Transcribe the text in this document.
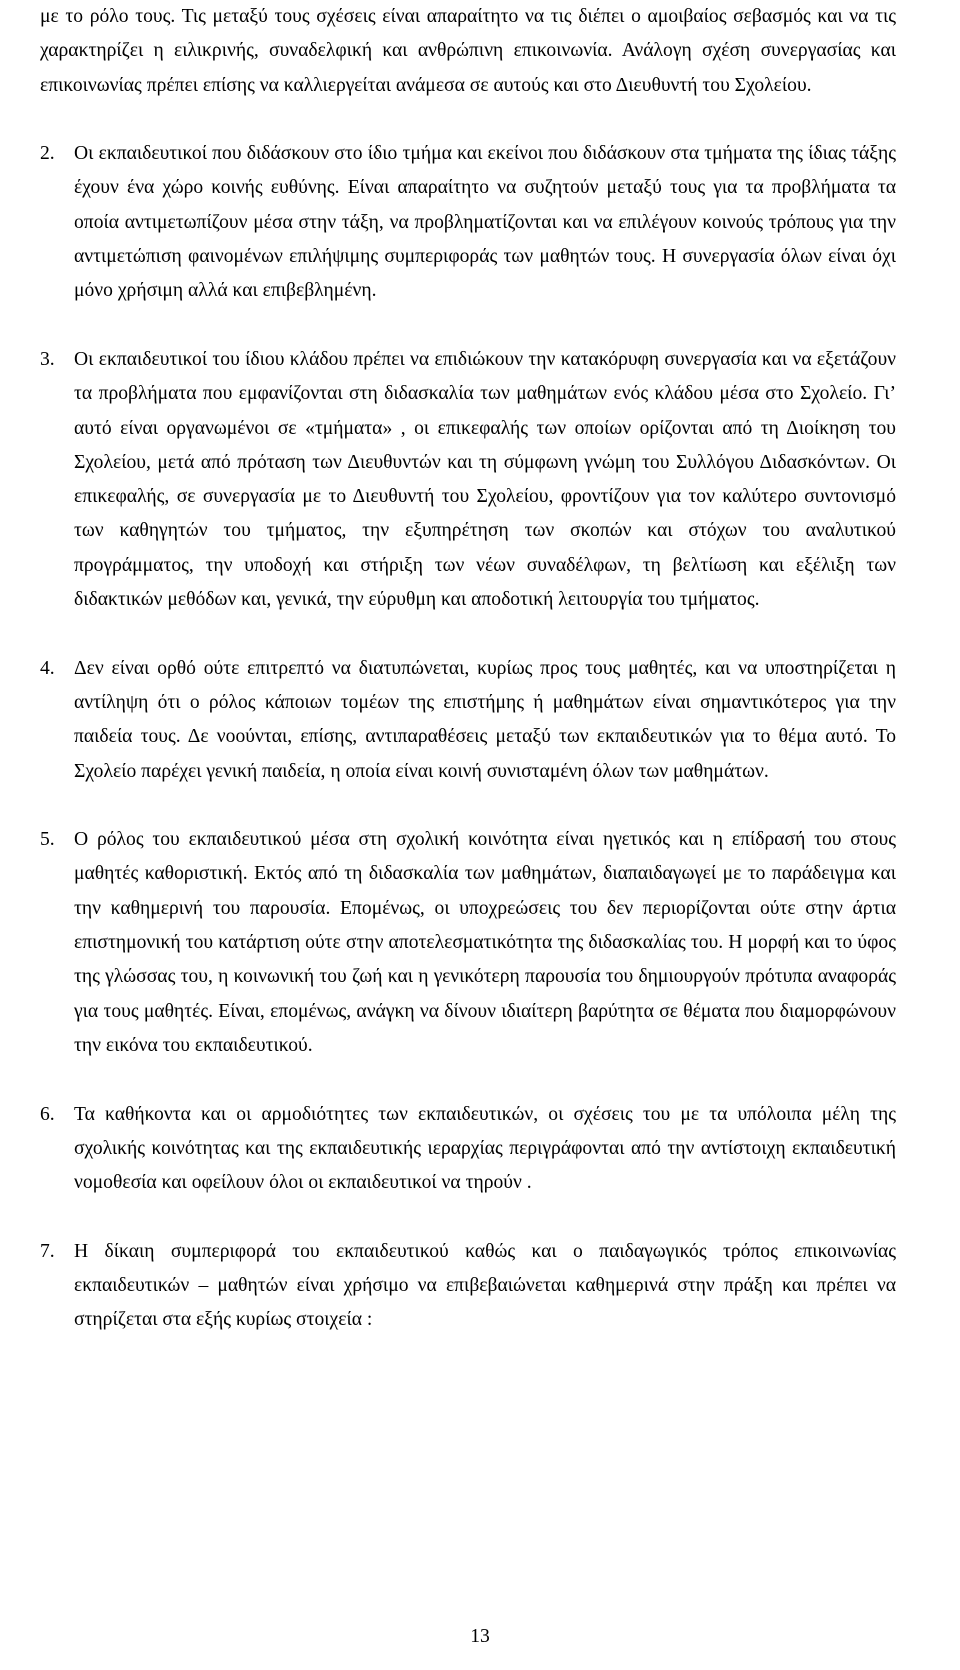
με το ρόλο τους. Τις μεταξύ τους σχέσεις είναι απαραίτητο να τις διέπει ο αμοιβαίος σεβασμός και να τις χαρακτηρίζει η ειλικρινής, συναδελφική και ανθρώπινη επικοινωνία. Ανάλογη σχέση συνεργασίας και επικοινωνίας πρέπει επίσης να καλλιεργείται ανάμεσα σε αυτούς και στο Διευθυντή του Σχολείου.

2. Οι εκπαιδευτικοί που διδάσκουν στο ίδιο τμήμα και εκείνοι που διδάσκουν στα τμήματα της ίδιας τάξης έχουν ένα χώρο κοινής ευθύνης. Είναι απαραίτητο να συζητούν μεταξύ τους για τα προβλήματα τα οποία αντιμετωπίζουν μέσα στην τάξη, να προβληματίζονται και να επιλέγουν κοινούς τρόπους για την αντιμετώπιση φαινομένων επιλήψιμης συμπεριφοράς των μαθητών τους. Η συνεργασία όλων είναι όχι μόνο χρήσιμη αλλά και επιβεβλημένη.
3. Οι εκπαιδευτικοί του ίδιου κλάδου πρέπει να επιδιώκουν την κατακόρυφη συνεργασία και να εξετάζουν τα προβλήματα που εμφανίζονται στη διδασκαλία των μαθημάτων ενός κλάδου μέσα στο Σχολείο. Γι’ αυτό είναι οργανωμένοι σε «τμήματα» , οι επικεφαλής των οποίων ορίζονται από τη Διοίκηση του Σχολείου, μετά από πρόταση των Διευθυντών και τη σύμφωνη γνώμη του Συλλόγου Διδασκόντων. Οι επικεφαλής, σε συνεργασία με το Διευθυντή του Σχολείου, φροντίζουν για τον καλύτερο συντονισμό των καθηγητών του τμήματος, την εξυπηρέτηση των σκοπών και στόχων του αναλυτικού προγράμματος, την υποδοχή και στήριξη των νέων συναδέλφων, τη βελτίωση και εξέλιξη των διδακτικών μεθόδων και, γενικά, την εύρυθμη και αποδοτική λειτουργία του τμήματος.
4. Δεν είναι ορθό ούτε επιτρεπτό να διατυπώνεται, κυρίως προς τους μαθητές, και να υποστηρίζεται η αντίληψη ότι ο ρόλος κάποιων τομέων της επιστήμης ή μαθημάτων είναι σημαντικότερος για την παιδεία τους. Δε νοούνται, επίσης, αντιπαραθέσεις μεταξύ των εκπαιδευτικών για το θέμα αυτό. Το Σχολείο παρέχει γενική παιδεία, η οποία είναι κοινή συνισταμένη όλων των μαθημάτων.
5. Ο ρόλος του εκπαιδευτικού μέσα στη σχολική κοινότητα είναι ηγετικός και η επίδρασή του στους μαθητές καθοριστική. Εκτός από τη διδασκαλία των μαθημάτων, διαπαιδαγωγεί με το παράδειγμα και την καθημερινή του παρουσία. Επομένως, οι υποχρεώσεις του δεν περιορίζονται ούτε στην άρτια επιστημονική του κατάρτιση ούτε στην αποτελεσματικότητα της διδασκαλίας του. Η μορφή και το ύφος της γλώσσας του, η κοινωνική του ζωή και η γενικότερη παρουσία του δημιουργούν πρότυπα αναφοράς για τους μαθητές. Είναι, επομένως, ανάγκη να δίνουν ιδιαίτερη βαρύτητα σε θέματα που διαμορφώνουν την εικόνα του εκπαιδευτικού.
6. Τα καθήκοντα και οι αρμοδιότητες των εκπαιδευτικών, οι σχέσεις του με τα υπόλοιπα μέλη της σχολικής κοινότητας και της εκπαιδευτικής ιεραρχίας περιγράφονται από την αντίστοιχη εκπαιδευτική νομοθεσία και οφείλουν όλοι οι εκπαιδευτικοί να τηρούν .
7. Η δίκαιη συμπεριφορά του εκπαιδευτικού καθώς και ο παιδαγωγικός τρόπος επικοινωνίας εκπαιδευτικών – μαθητών είναι χρήσιμο να επιβεβαιώνεται καθημερινά στην πράξη και πρέπει να στηρίζεται στα εξής κυρίως στοιχεία :
13
